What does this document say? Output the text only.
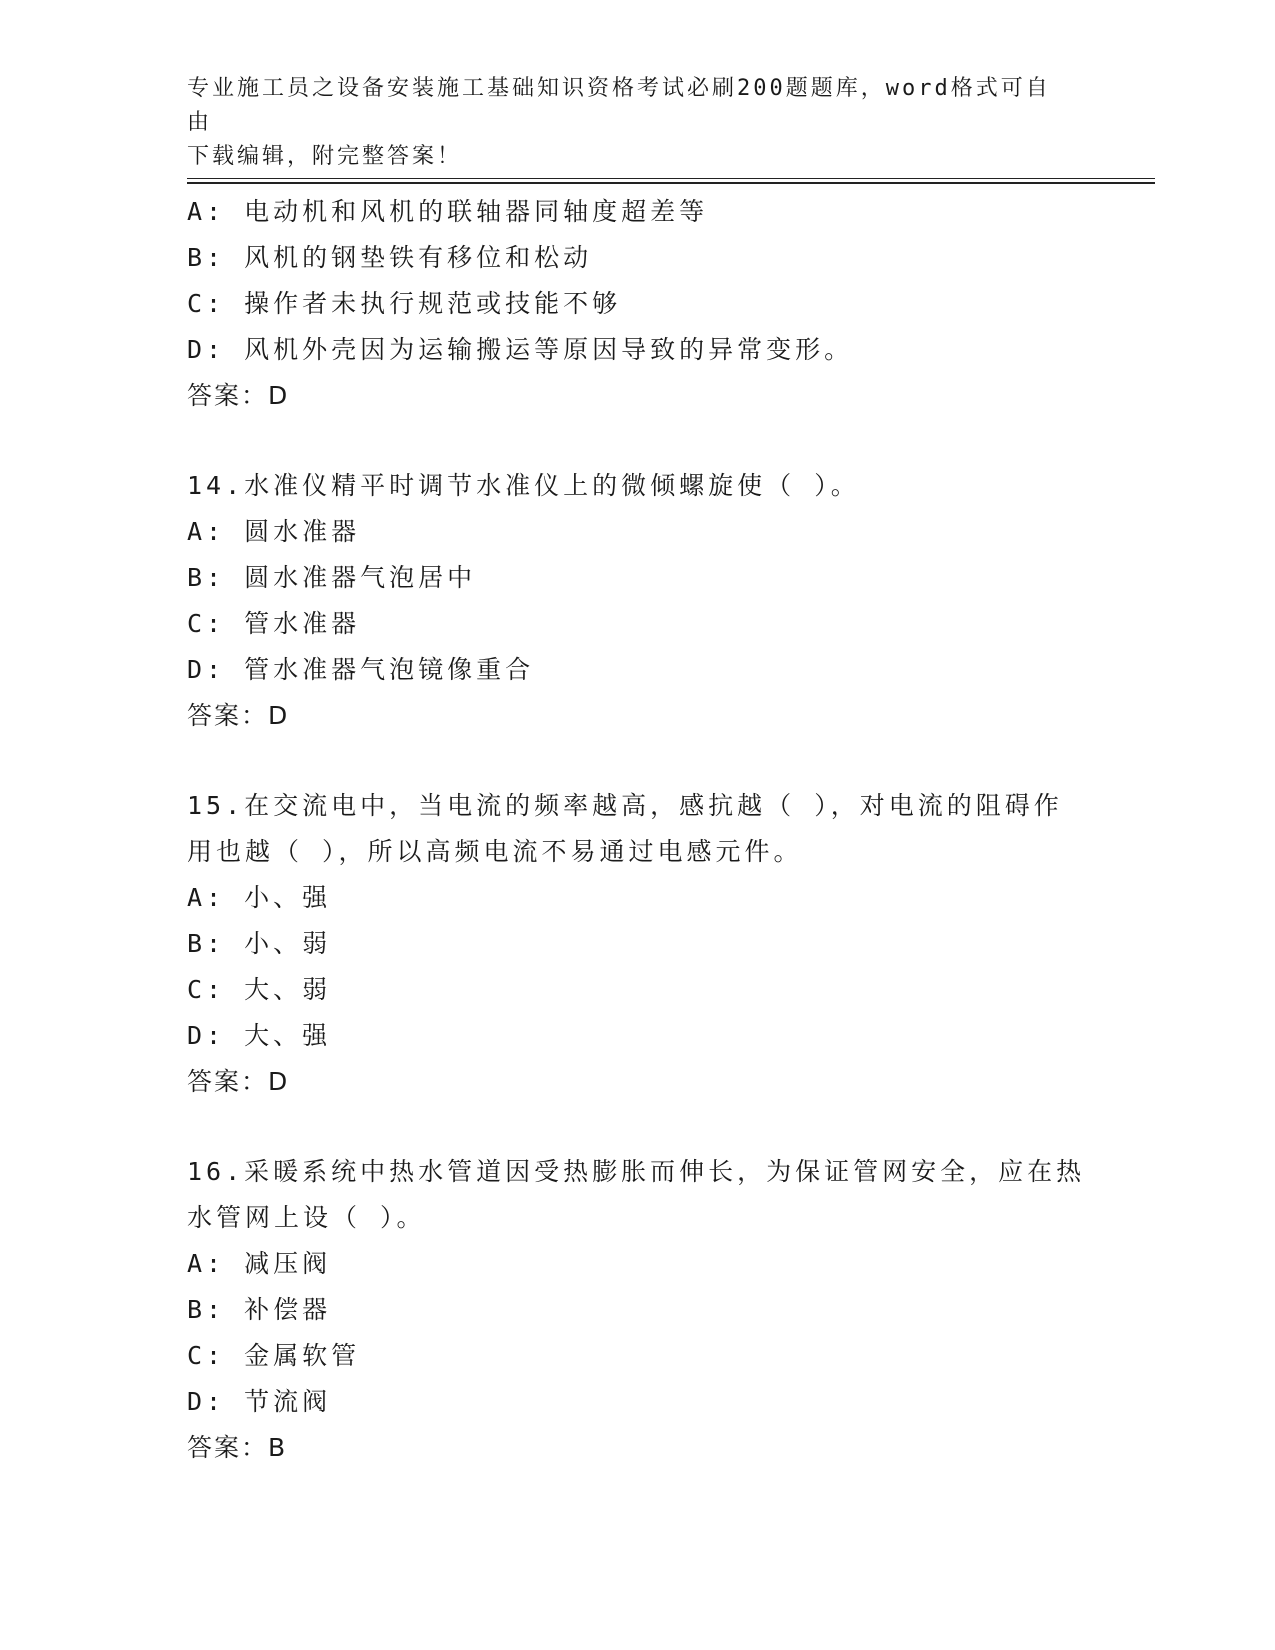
专业施工员之设备安装施工基础知识资格考试必刷200题题库，word格式可自由
下载编辑，附完整答案！
A: 电动机和风机的联轴器同轴度超差等
B: 风机的钢垫铁有移位和松动
C: 操作者未执行规范或技能不够
D: 风机外壳因为运输搬运等原因导致的异常变形。
答案：D
14.水准仪精平时调节水准仪上的微倾螺旋使（ ）。
A: 圆水准器
B: 圆水准器气泡居中
C: 管水准器
D: 管水准器气泡镜像重合
答案：D
15.在交流电中，当电流的频率越高，感抗越（ ），对电流的阻碍作
用也越（ ），所以高频电流不易通过电感元件。
A: 小、强
B: 小、弱
C: 大、弱
D: 大、强
答案：D
16.采暖系统中热水管道因受热膨胀而伸长，为保证管网安全，应在热
水管网上设（ ）。
A: 减压阀
B: 补偿器
C: 金属软管
D: 节流阀
答案：B
